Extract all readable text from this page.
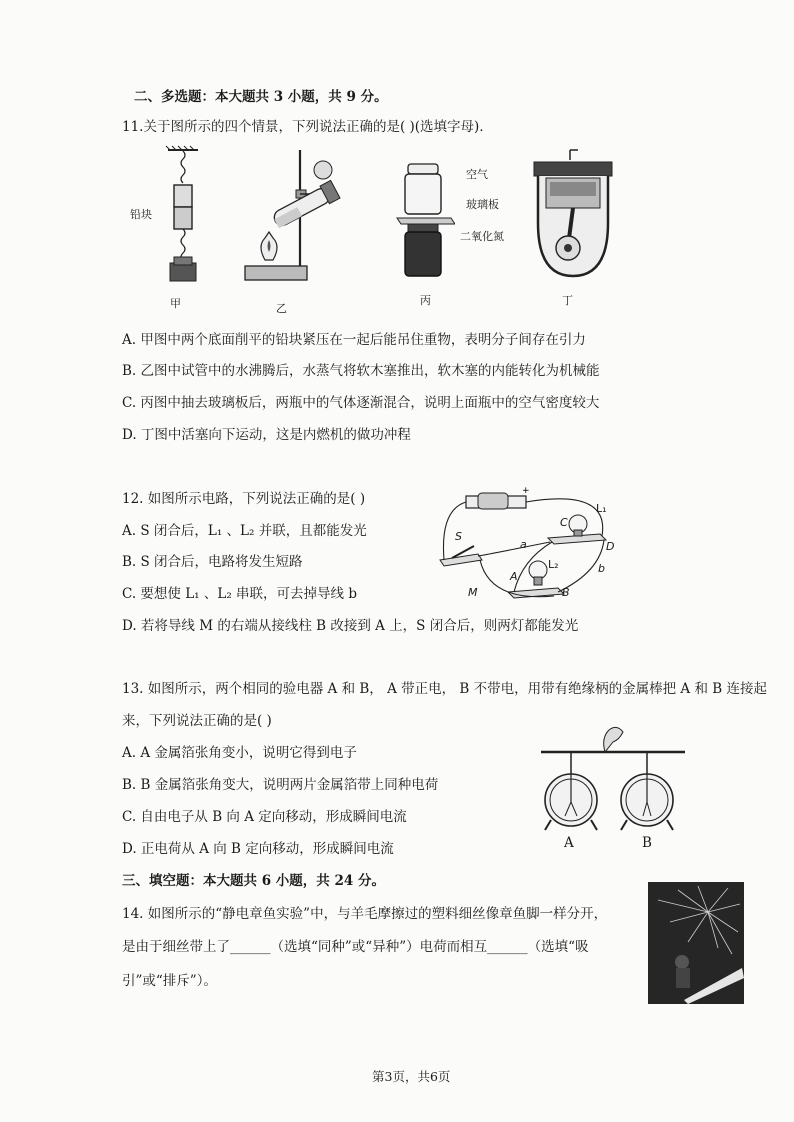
二、多选题：本大题共 3 小题，共 9 分。
11.关于图所示的四个情景，下列说法正确的是( )(选填字母)．
铅块
甲	乙
空气
玻璃板
二氧化氮
丙	丁
A. 甲图中两个底面削平的铅块紧压在一起后能吊住重物，表明分子间存在引力
B. 乙图中试管中的水沸腾后，水蒸气将软木塞推出，软木塞的内能转化为机械能
C. 丙图中抽去玻璃板后，两瓶中的气体逐渐混合，说明上面瓶中的空气密度较大
D. 丁图中活塞向下运动，这是内燃机的做功冲程
12. 如图所示电路，下列说法正确的是( )
A. S 闭合后，L₁ 、L₂ 并联，且都能发光
B. S 闭合后，电路将发生短路
C. 要想使 L₁ 、L₂ 串联，可去掉导线 b
D. 若将导线 M 的右端从接线柱 B 改接到 A 上，S 闭合后，则两灯都能发光
+
S
L₁
C
D
a
b
L₂
A
B
M
13. 如图所示，两个相同的验电器 A 和 B， A 带正电， B 不带电，用带有绝缘柄的金属棒把 A 和 B 连接起
来，下列说法正确的是( )
A. A 金属箔张角变小，说明它得到电子
B. B 金属箔张角变大，说明两片金属箔带上同种电荷
C. 自由电子从 B 向 A 定向移动，形成瞬间电流
D. 正电荷从 A 向 B 定向移动，形成瞬间电流	A	B
三、填空题：本大题共 6 小题，共 24 分。
14. 如图所示的“静电章鱼实验”中，与羊毛摩擦过的塑料细丝像章鱼脚一样分开，
是由于细丝带上了______（选填“同种”或“异种”）电荷而相互______（选填“吸
引”或“排斥”）。
第3页，共6页
